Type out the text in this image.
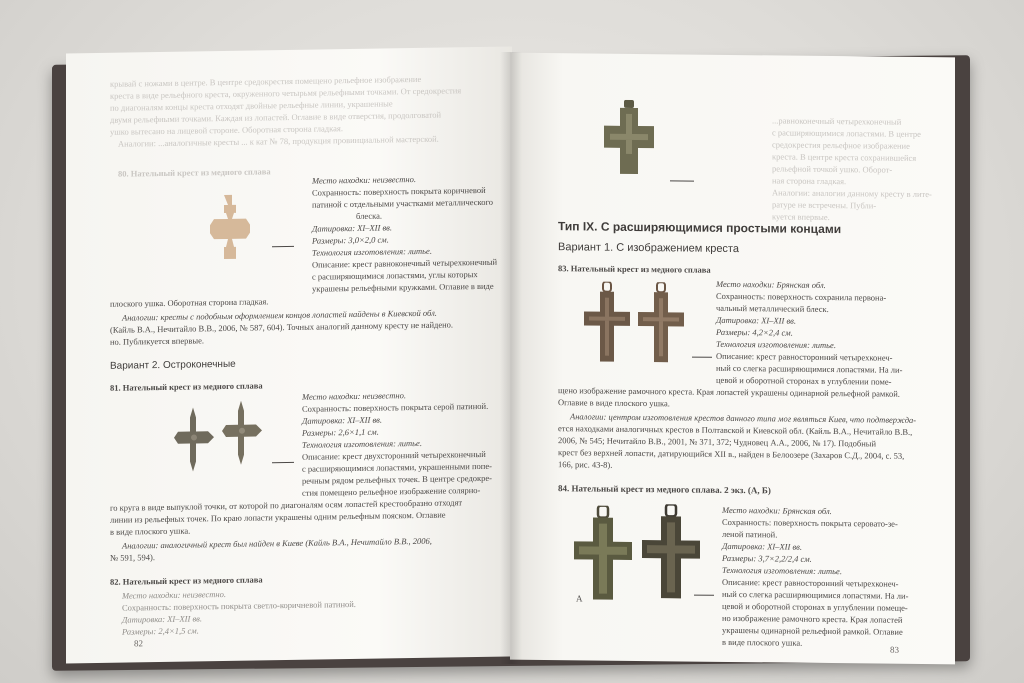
крывай с ножами в центре. В центре средокрестия помещено рельефное изображение
креста в виде рельефного креста, окруженного четырьмя рельефными точками. От средокрестия
по диагоналям концы креста отходят двойные рельефные линии, украшенные
двумя рельефными точками. Каждая из лопастей. Оглавие в виде отверстия, продолговатой
ушко вытесано на лицевой стороне. Оборотная сторона гладкая.
Аналогии: ...аналогичные кресты ... к кат № 78, продукция провинциальной мастерской.
80. Нательный крест из медного сплава
Место находки: неизвестно.
Сохранность: поверхность покрыта коричневой
патиной с отдельными участками металлического
блеска.
Датировка: XI–XII вв.
Размеры: 3,0×2,0 см.
Технология изготовления: литье.
Описание: крест равноконечный четырехконечный
с расширяющимися лопастями, углы которых
украшены рельефными кружками. Оглавие в виде
плоского ушка. Оборотная сторона гладкая.
Аналогии: кресты с подобным оформлением концов лопастей найдены в Киевской обл.
(Кайль В.А., Нечитайло В.В., 2006, № 587, 604). Точных аналогий данному кресту не найдено.
но. Публикуется впервые.
Вариант 2. Остроконечные
81. Нательный крест из медного сплава
Место находки: неизвестно.
Сохранность: поверхность покрыта серой патиной.
Датировка: XI–XII вв.
Размеры: 2,6×1,1 см.
Технология изготовления: литье.
Описание: крест двухсторонний четырехконечный
с расширяющимися лопастями, украшенными попе-
речным рядом рельефных точек. В центре средокре-
стия помещено рельефное изображение солярно-
го круга в виде выпуклой точки, от которой по диагоналям осям лопастей крестообразно отходят
линии из рельефных точек. По краю лопасти украшены одним рельефным пояском. Оглавие
в виде плоского ушка.
Аналогии: аналогичный крест был найден в Киеве (Кайль В.А., Нечитайло В.В., 2006,
№ 591, 594).
82. Нательный крест из медного сплава
Место находки: неизвестно.
Сохранность: поверхность покрыта светло-коричневой патиной.
Датировка: XI–XII вв.
Размеры: 2,4×1,5 см.
82
...равноконечный четырехконечный
с расширяющимися лопастями. В центре
средокрестия рельефное изображение
креста. В центре креста сохранившейся
рельефной точкой ушко. Оборот-
ная сторона гладкая.
Аналогии: аналогии данному кресту в лите-
ратуре не встречены. Публи-
куется впервые.
Тип IX. С расширяющимися простыми концами
Вариант 1. С изображением креста
83. Нательный крест из медного сплава
Место находки: Брянская обл.
Сохранность: поверхность сохранила первона-
чальный металлический блеск.
Датировка: XI–XII вв.
Размеры: 4,2×2,4 см.
Технология изготовления: литье.
Описание: крест равносторонний четырехконеч-
ный со слегка расширяющимися лопастями. На ли-
цевой и оборотной сторонах в углублении поме-
щено изображение рамочного креста. Края лопастей украшены одинарной рельефной рамкой.
Оглавие в виде плоского ушка.
Аналогии: центром изготовления крестов данного типа мог являться Киев, что подтвержда-
ется находками аналогичных крестов в Полтавской и Киевской обл. (Кайль В.А., Нечитайло В.В.,
2006, № 545; Нечитайло В.В., 2001, № 371, 372; Чудновец А.А., 2006, № 17). Подобный
крест без верхней лопасти, датирующийся XII в., найден в Белоозере (Захаров С.Д., 2004, с. 53,
166, рис. 43-8).
84. Нательный крест из медного сплава. 2 экз. (А, Б)
А
Место находки: Брянская обл.
Сохранность: поверхность покрыта серовато-зе-
леной патиной.
Датировка: XI–XII вв.
Размеры: 3,7×2,2/2,4 см.
Технология изготовления: литье.
Описание: крест равносторонний четырехконеч-
ный со слегка расширяющимися лопастями. На ли-
цевой и оборотной сторонах в углублении помеще-
но изображение рамочного креста. Края лопастей
украшены одинарной рельефной рамкой. Оглавие
в виде плоского ушка.
83
